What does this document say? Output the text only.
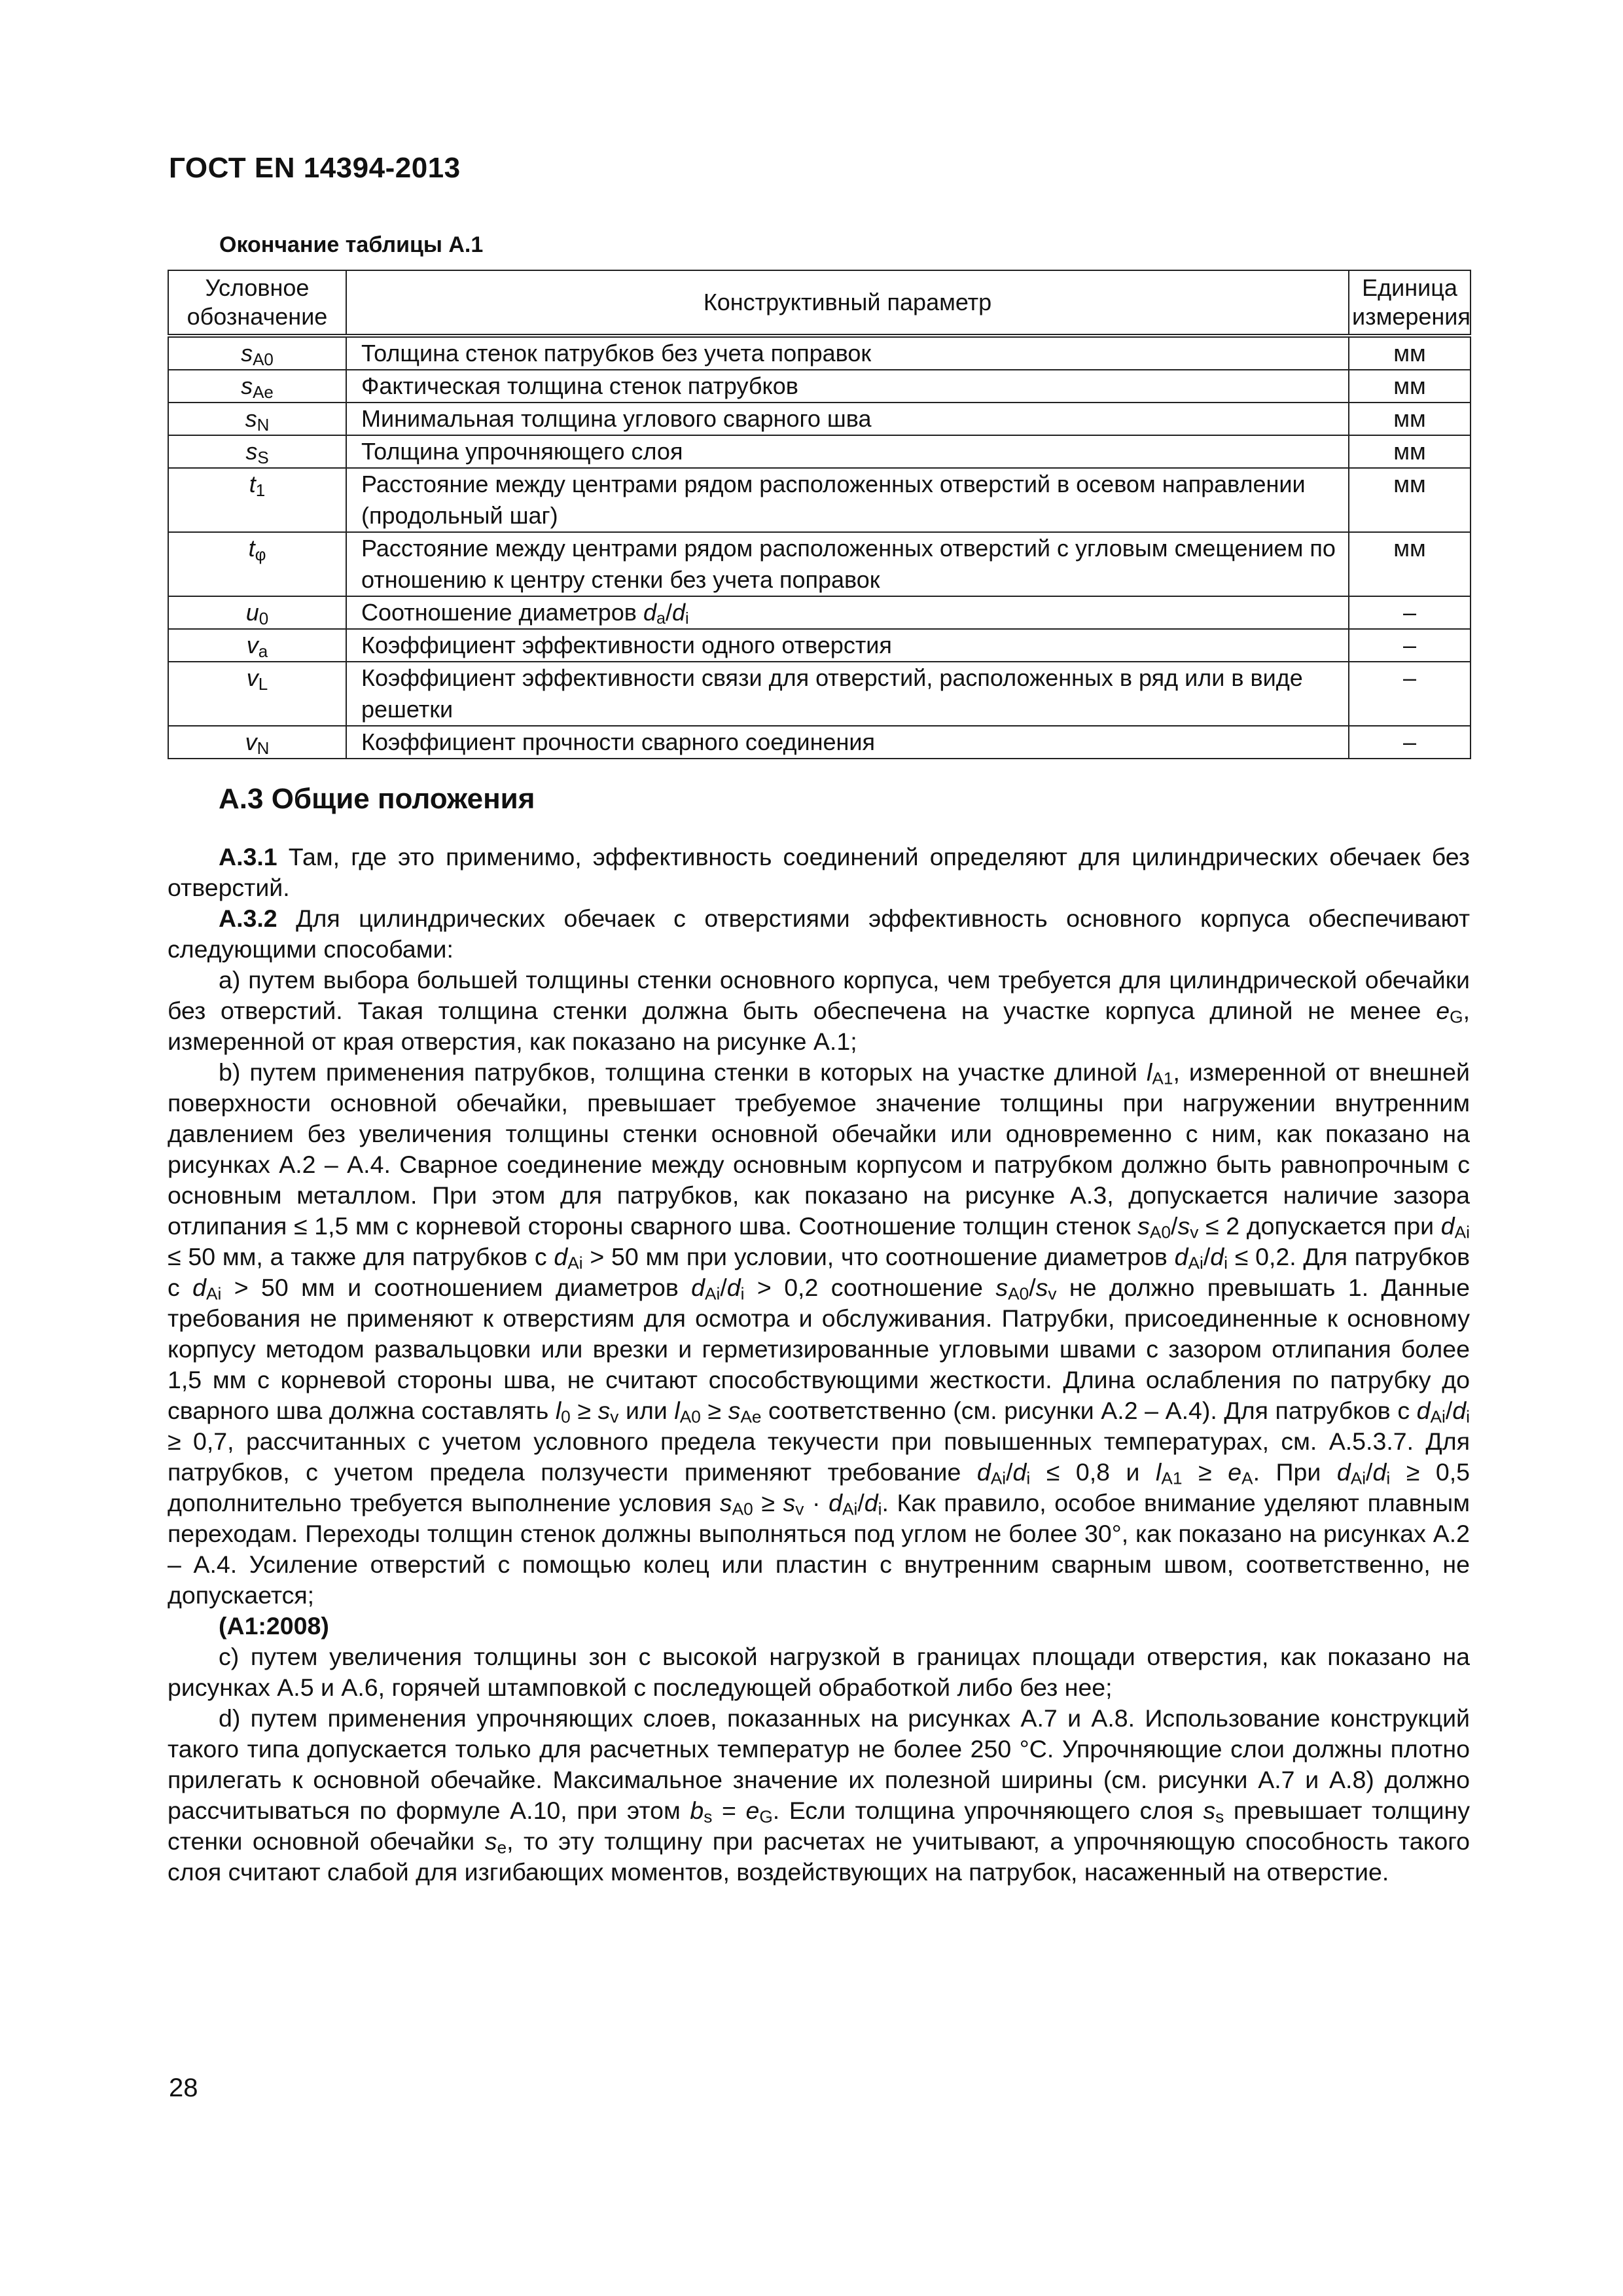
ГОСТ EN 14394-2013
Окончание таблицы А.1
Условное обозначение	Конструктивный параметр	Единица измерения
$s_{A0}$	Толщина стенок патрубков без учета поправок	мм
$s_{Ae}$	Фактическая толщина стенок патрубков	мм
$s_N$	Минимальная толщина углового сварного шва	мм
$s_S$	Толщина упрочняющего слоя	мм
$t_1$	Расстояние между центрами рядом расположенных отверстий в осевом направлении (продольный шаг)	мм
$t_\varphi$	Расстояние между центрами рядом расположенных отверстий с угловым смещением по отношению к центру стенки без учета поправок	мм
$u_0$	Соотношение диаметров $d_a/d_i$	–
$v_a$	Коэффициент эффективности одного отверстия	–
$v_L$	Коэффициент эффективности связи для отверстий, расположенных в ряд или в виде решетки	–
$v_N$	Коэффициент прочности сварного соединения	–
А.3 Общие положения

А.3.1 Там, где это применимо, эффективность соединений определяют для цилиндрических обечаек без отверстий.

А.3.2 Для цилиндрических обечаек с отверстиями эффективность основного корпуса обеспечивают следующими способами:

а) путем выбора большей толщины стенки основного корпуса, чем требуется для цилиндрической обечайки без отверстий. Такая толщина стенки должна быть обеспечена на участке корпуса длиной не менее $e_G$, измеренной от края отверстия, как показано на рисунке А.1;

b) путем применения патрубков, толщина стенки в которых на участке длиной $l_{A1}$, измеренной от внешней поверхности основной обечайки, превышает требуемое значение толщины при нагружении внутренним давлением без увеличения толщины стенки основной обечайки или одновременно с ним, как показано на рисунках А.2 – А.4. Сварное соединение между основным корпусом и патрубком должно быть равнопрочным с основным металлом. При этом для патрубков, как показано на рисунке А.3, допускается наличие зазора отлипания ≤ 1,5 мм с корневой стороны сварного шва. Соотношение толщин стенок $s_{A0}/s_v \le 2$ допускается при $d_{Ai} \le 50$ мм, а также для патрубков с $d_{Ai} > 50$ мм при условии, что соотношение диаметров $d_{Ai}/d_i \le 0,2$. Для патрубков с $d_{Ai} > 50$ мм и соотношением диаметров $d_{Ai}/d_i > 0,2$ соотношение $s_{A0}/s_v$ не должно превышать 1. Данные требования не применяют к отверстиям для осмотра и обслуживания. Патрубки, присоединенные к основному корпусу методом развальцовки или врезки и герметизированные угловыми швами с зазором отлипания более 1,5 мм с корневой стороны шва, не считают способствующими жесткости. Длина ослабления по патрубку до сварного шва должна составлять $l_0 \ge s_v$ или $l_{A0} \ge s_{Ae}$ соответственно (см. рисунки А.2 – А.4). Для патрубков с $d_{Ai}/d_i \ge 0,7$, рассчитанных с учетом условного предела текучести при повышенных температурах, см. А.5.3.7. Для патрубков, с учетом предела ползучести применяют требование $d_{Ai}/d_i \le 0,8$ и $l_{A1} \ge e_A$. При $d_{Ai}/d_i \ge 0,5$ дополнительно требуется выполнение условия $s_{A0} \ge s_v \cdot d_{Ai}/d_i$. Как правило, особое внимание уделяют плавным переходам. Переходы толщин стенок должны выполняться под углом не более 30°, как показано на рисунках А.2 – А.4. Усиление отверстий с помощью колец или пластин с внутренним сварным швом, соответственно, не допускается;

(А1:2008)

с) путем увеличения толщины зон с высокой нагрузкой в границах площади отверстия, как показано на рисунках А.5 и А.6, горячей штамповкой с последующей обработкой либо без нее;

d) путем применения упрочняющих слоев, показанных на рисунках А.7 и А.8. Использование конструкций такого типа допускается только для расчетных температур не более 250 °С. Упрочняющие слои должны плотно прилегать к основной обечайке. Максимальное значение их полезной ширины (см. рисунки А.7 и А.8) должно рассчитываться по формуле А.10, при этом $b_s = e_G$. Если толщина упрочняющего слоя $s_s$ превышает толщину стенки основной обечайки $s_e$, то эту толщину при расчетах не учитывают, а упрочняющую способность такого слоя считают слабой для изгибающих моментов, воздействующих на патрубок, насаженный на отверстие.

28
